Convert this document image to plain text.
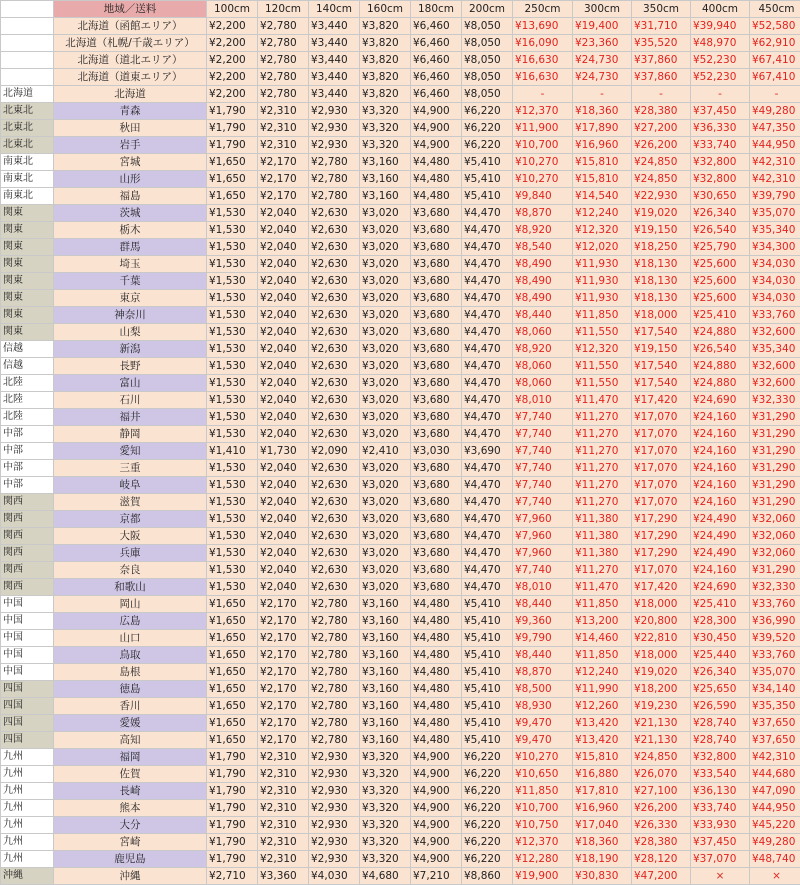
	地域／送料	100cm	120cm	140cm	160cm	180cm	200cm	250cm	300cm	350cm	400cm	450cm
	北海道（函館エリア）	¥2,200	¥2,780	¥3,440	¥3,820	¥6,460	¥8,050	¥13,690	¥19,400	¥31,710	¥39,940	¥52,580
	北海道（札幌/千歳エリア）	¥2,200	¥2,780	¥3,440	¥3,820	¥6,460	¥8,050	¥16,090	¥23,360	¥35,520	¥48,970	¥62,910
	北海道（道北エリア）	¥2,200	¥2,780	¥3,440	¥3,820	¥6,460	¥8,050	¥16,630	¥24,730	¥37,860	¥52,230	¥67,410
	北海道（道東エリア）	¥2,200	¥2,780	¥3,440	¥3,820	¥6,460	¥8,050	¥16,630	¥24,730	¥37,860	¥52,230	¥67,410
北海道	北海道	¥2,200	¥2,780	¥3,440	¥3,820	¥6,460	¥8,050	-	-	-	-	-
北東北	青森	¥1,790	¥2,310	¥2,930	¥3,320	¥4,900	¥6,220	¥12,370	¥18,360	¥28,380	¥37,450	¥49,280
北東北	秋田	¥1,790	¥2,310	¥2,930	¥3,320	¥4,900	¥6,220	¥11,900	¥17,890	¥27,200	¥36,330	¥47,350
北東北	岩手	¥1,790	¥2,310	¥2,930	¥3,320	¥4,900	¥6,220	¥10,700	¥16,960	¥26,200	¥33,740	¥44,950
南東北	宮城	¥1,650	¥2,170	¥2,780	¥3,160	¥4,480	¥5,410	¥10,270	¥15,810	¥24,850	¥32,800	¥42,310
南東北	山形	¥1,650	¥2,170	¥2,780	¥3,160	¥4,480	¥5,410	¥10,270	¥15,810	¥24,850	¥32,800	¥42,310
南東北	福島	¥1,650	¥2,170	¥2,780	¥3,160	¥4,480	¥5,410	¥9,840	¥14,540	¥22,930	¥30,650	¥39,790
関東	茨城	¥1,530	¥2,040	¥2,630	¥3,020	¥3,680	¥4,470	¥8,870	¥12,240	¥19,020	¥26,340	¥35,070
関東	栃木	¥1,530	¥2,040	¥2,630	¥3,020	¥3,680	¥4,470	¥8,920	¥12,320	¥19,150	¥26,540	¥35,340
関東	群馬	¥1,530	¥2,040	¥2,630	¥3,020	¥3,680	¥4,470	¥8,540	¥12,020	¥18,250	¥25,790	¥34,300
関東	埼玉	¥1,530	¥2,040	¥2,630	¥3,020	¥3,680	¥4,470	¥8,490	¥11,930	¥18,130	¥25,600	¥34,030
関東	千葉	¥1,530	¥2,040	¥2,630	¥3,020	¥3,680	¥4,470	¥8,490	¥11,930	¥18,130	¥25,600	¥34,030
関東	東京	¥1,530	¥2,040	¥2,630	¥3,020	¥3,680	¥4,470	¥8,490	¥11,930	¥18,130	¥25,600	¥34,030
関東	神奈川	¥1,530	¥2,040	¥2,630	¥3,020	¥3,680	¥4,470	¥8,440	¥11,850	¥18,000	¥25,410	¥33,760
関東	山梨	¥1,530	¥2,040	¥2,630	¥3,020	¥3,680	¥4,470	¥8,060	¥11,550	¥17,540	¥24,880	¥32,600
信越	新潟	¥1,530	¥2,040	¥2,630	¥3,020	¥3,680	¥4,470	¥8,920	¥12,320	¥19,150	¥26,540	¥35,340
信越	長野	¥1,530	¥2,040	¥2,630	¥3,020	¥3,680	¥4,470	¥8,060	¥11,550	¥17,540	¥24,880	¥32,600
北陸	富山	¥1,530	¥2,040	¥2,630	¥3,020	¥3,680	¥4,470	¥8,060	¥11,550	¥17,540	¥24,880	¥32,600
北陸	石川	¥1,530	¥2,040	¥2,630	¥3,020	¥3,680	¥4,470	¥8,010	¥11,470	¥17,420	¥24,690	¥32,330
北陸	福井	¥1,530	¥2,040	¥2,630	¥3,020	¥3,680	¥4,470	¥7,740	¥11,270	¥17,070	¥24,160	¥31,290
中部	静岡	¥1,530	¥2,040	¥2,630	¥3,020	¥3,680	¥4,470	¥7,740	¥11,270	¥17,070	¥24,160	¥31,290
中部	愛知	¥1,410	¥1,730	¥2,090	¥2,410	¥3,030	¥3,690	¥7,740	¥11,270	¥17,070	¥24,160	¥31,290
中部	三重	¥1,530	¥2,040	¥2,630	¥3,020	¥3,680	¥4,470	¥7,740	¥11,270	¥17,070	¥24,160	¥31,290
中部	岐阜	¥1,530	¥2,040	¥2,630	¥3,020	¥3,680	¥4,470	¥7,740	¥11,270	¥17,070	¥24,160	¥31,290
関西	滋賀	¥1,530	¥2,040	¥2,630	¥3,020	¥3,680	¥4,470	¥7,740	¥11,270	¥17,070	¥24,160	¥31,290
関西	京都	¥1,530	¥2,040	¥2,630	¥3,020	¥3,680	¥4,470	¥7,960	¥11,380	¥17,290	¥24,490	¥32,060
関西	大阪	¥1,530	¥2,040	¥2,630	¥3,020	¥3,680	¥4,470	¥7,960	¥11,380	¥17,290	¥24,490	¥32,060
関西	兵庫	¥1,530	¥2,040	¥2,630	¥3,020	¥3,680	¥4,470	¥7,960	¥11,380	¥17,290	¥24,490	¥32,060
関西	奈良	¥1,530	¥2,040	¥2,630	¥3,020	¥3,680	¥4,470	¥7,740	¥11,270	¥17,070	¥24,160	¥31,290
関西	和歌山	¥1,530	¥2,040	¥2,630	¥3,020	¥3,680	¥4,470	¥8,010	¥11,470	¥17,420	¥24,690	¥32,330
中国	岡山	¥1,650	¥2,170	¥2,780	¥3,160	¥4,480	¥5,410	¥8,440	¥11,850	¥18,000	¥25,410	¥33,760
中国	広島	¥1,650	¥2,170	¥2,780	¥3,160	¥4,480	¥5,410	¥9,360	¥13,200	¥20,800	¥28,300	¥36,990
中国	山口	¥1,650	¥2,170	¥2,780	¥3,160	¥4,480	¥5,410	¥9,790	¥14,460	¥22,810	¥30,450	¥39,520
中国	鳥取	¥1,650	¥2,170	¥2,780	¥3,160	¥4,480	¥5,410	¥8,440	¥11,850	¥18,000	¥25,440	¥33,760
中国	島根	¥1,650	¥2,170	¥2,780	¥3,160	¥4,480	¥5,410	¥8,870	¥12,240	¥19,020	¥26,340	¥35,070
四国	徳島	¥1,650	¥2,170	¥2,780	¥3,160	¥4,480	¥5,410	¥8,500	¥11,990	¥18,200	¥25,650	¥34,140
四国	香川	¥1,650	¥2,170	¥2,780	¥3,160	¥4,480	¥5,410	¥8,930	¥12,260	¥19,230	¥26,590	¥35,350
四国	愛媛	¥1,650	¥2,170	¥2,780	¥3,160	¥4,480	¥5,410	¥9,470	¥13,420	¥21,130	¥28,740	¥37,650
四国	高知	¥1,650	¥2,170	¥2,780	¥3,160	¥4,480	¥5,410	¥9,470	¥13,420	¥21,130	¥28,740	¥37,650
九州	福岡	¥1,790	¥2,310	¥2,930	¥3,320	¥4,900	¥6,220	¥10,270	¥15,810	¥24,850	¥32,800	¥42,310
九州	佐賀	¥1,790	¥2,310	¥2,930	¥3,320	¥4,900	¥6,220	¥10,650	¥16,880	¥26,070	¥33,540	¥44,680
九州	長崎	¥1,790	¥2,310	¥2,930	¥3,320	¥4,900	¥6,220	¥11,850	¥17,810	¥27,100	¥36,130	¥47,090
九州	熊本	¥1,790	¥2,310	¥2,930	¥3,320	¥4,900	¥6,220	¥10,700	¥16,960	¥26,200	¥33,740	¥44,950
九州	大分	¥1,790	¥2,310	¥2,930	¥3,320	¥4,900	¥6,220	¥10,750	¥17,040	¥26,330	¥33,930	¥45,220
九州	宮崎	¥1,790	¥2,310	¥2,930	¥3,320	¥4,900	¥6,220	¥12,370	¥18,360	¥28,380	¥37,450	¥49,280
九州	鹿児島	¥1,790	¥2,310	¥2,930	¥3,320	¥4,900	¥6,220	¥12,280	¥18,190	¥28,120	¥37,070	¥48,740
沖縄	沖縄	¥2,710	¥3,360	¥4,030	¥4,680	¥7,210	¥8,860	¥19,900	¥30,830	¥47,200	×	×
